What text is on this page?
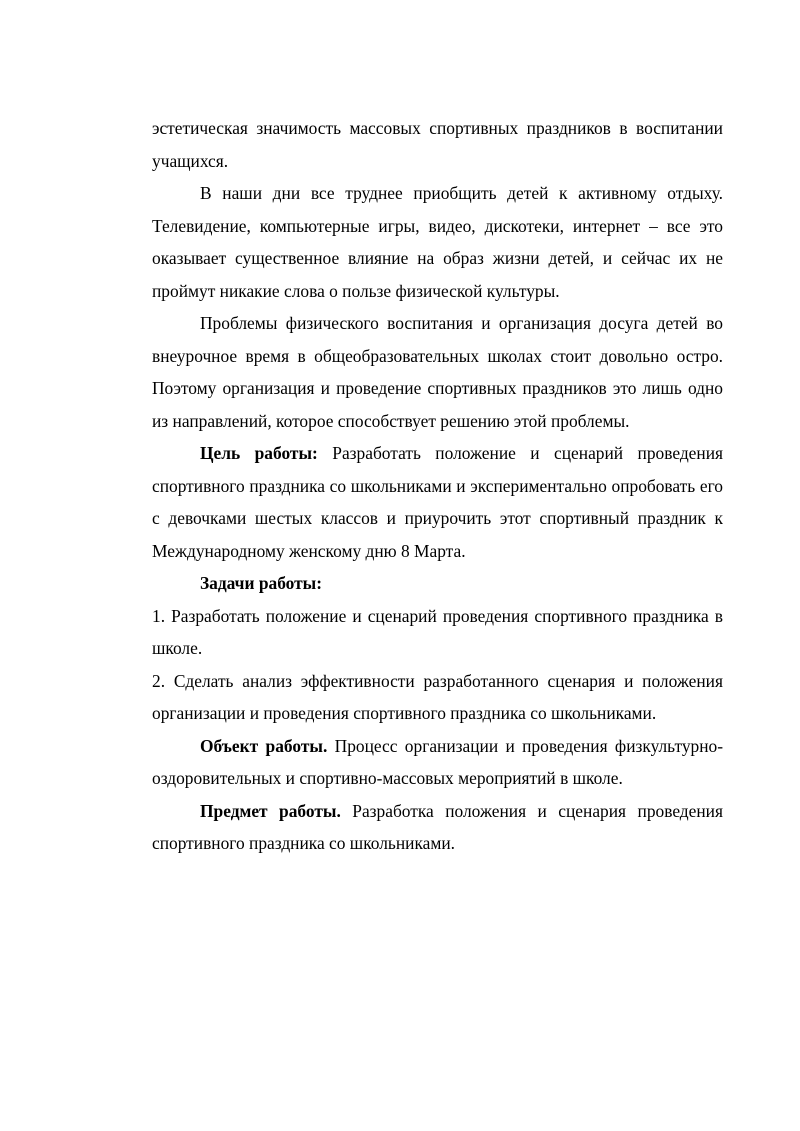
эстетическая значимость массовых спортивных праздников в воспитании учащихся.

В наши дни все труднее приобщить детей к активному отдыху. Телевидение, компьютерные игры, видео, дискотеки, интернет – все это оказывает существенное влияние на образ жизни детей, и сейчас их не проймут никакие слова о пользе физической культуры.

Проблемы физического воспитания и организация досуга детей во внеурочное время в общеобразовательных школах стоит довольно остро. Поэтому организация и проведение спортивных праздников это лишь одно из направлений, которое способствует решению этой проблемы.

Цель работы: Разработать положение и сценарий проведения спортивного праздника со школьниками и экспериментально опробовать его с девочками шестых классов и приурочить этот спортивный праздник к Международному женскому дню 8 Марта.

Задачи работы:

1. Разработать положение и сценарий проведения спортивного праздника в школе.

2. Сделать анализ эффективности разработанного сценария и положения организации и проведения спортивного праздника со школьниками.

Объект работы. Процесс организации и проведения физкультурно-оздоровительных и спортивно-массовых мероприятий в школе.

Предмет работы. Разработка положения и сценария проведения спортивного праздника со школьниками.
